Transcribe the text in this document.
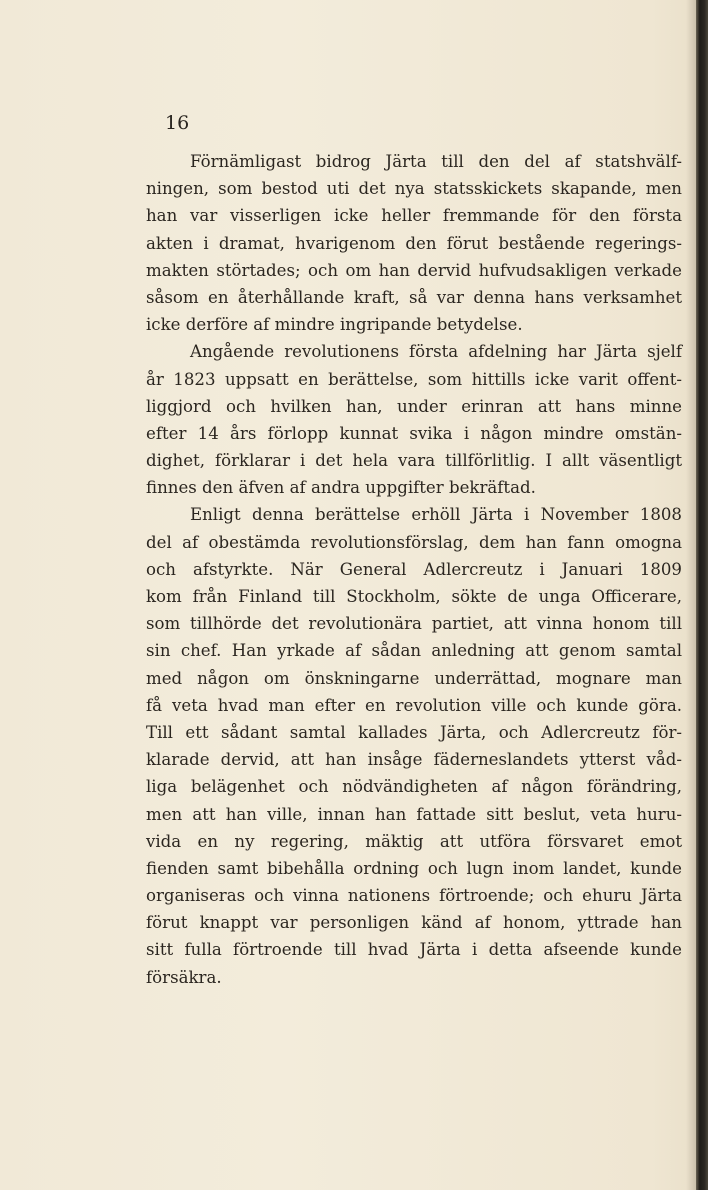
16
Förnämligast bidrog Järta till den del af statshvälf-
ningen, som bestod uti det nya statsskickets skapande, men
han var visserligen icke heller fremmande för den första
akten i dramat, hvarigenom den förut bestående regerings-
makten störtades; och om han dervid hufvudsakligen verkade
såsom en återhållande kraft, så var denna hans verksamhet
icke derföre af mindre ingripande betydelse.
Angående revolutionens första afdelning har Järta sjelf
år 1823 uppsatt en berättelse, som hittills icke varit offent-
liggjord och hvilken han, under erinran att hans minne
efter 14 års förlopp kunnat svika i någon mindre omstän-
dighet, förklarar i det hela vara tillförlitlig. I allt väsentligt
finnes den äfven af andra uppgifter bekräftad.
Enligt denna berättelse erhöll Järta i November 1808
del af obestämda revolutionsförslag, dem han fann omogna
och afstyrkte. När General Adlercreutz i Januari 1809
kom från Finland till Stockholm, sökte de unga Officerare,
som tillhörde det revolutionära partiet, att vinna honom till
sin chef. Han yrkade af sådan anledning att genom samtal
med någon om önskningarne underrättad, mognare man
få veta hvad man efter en revolution ville och kunde göra.
Till ett sådant samtal kallades Järta, och Adlercreutz för-
klarade dervid, att han insåge fäderneslandets ytterst våd-
liga belägenhet och nödvändigheten af någon förändring,
men att han ville, innan han fattade sitt beslut, veta huru-
vida en ny regering, mäktig att utföra försvaret emot
fienden samt bibehålla ordning och lugn inom landet, kunde
organiseras och vinna nationens förtroende; och ehuru Järta
förut knappt var personligen känd af honom, yttrade han
sitt fulla förtroende till hvad Järta i detta afseende kunde
försäkra.
